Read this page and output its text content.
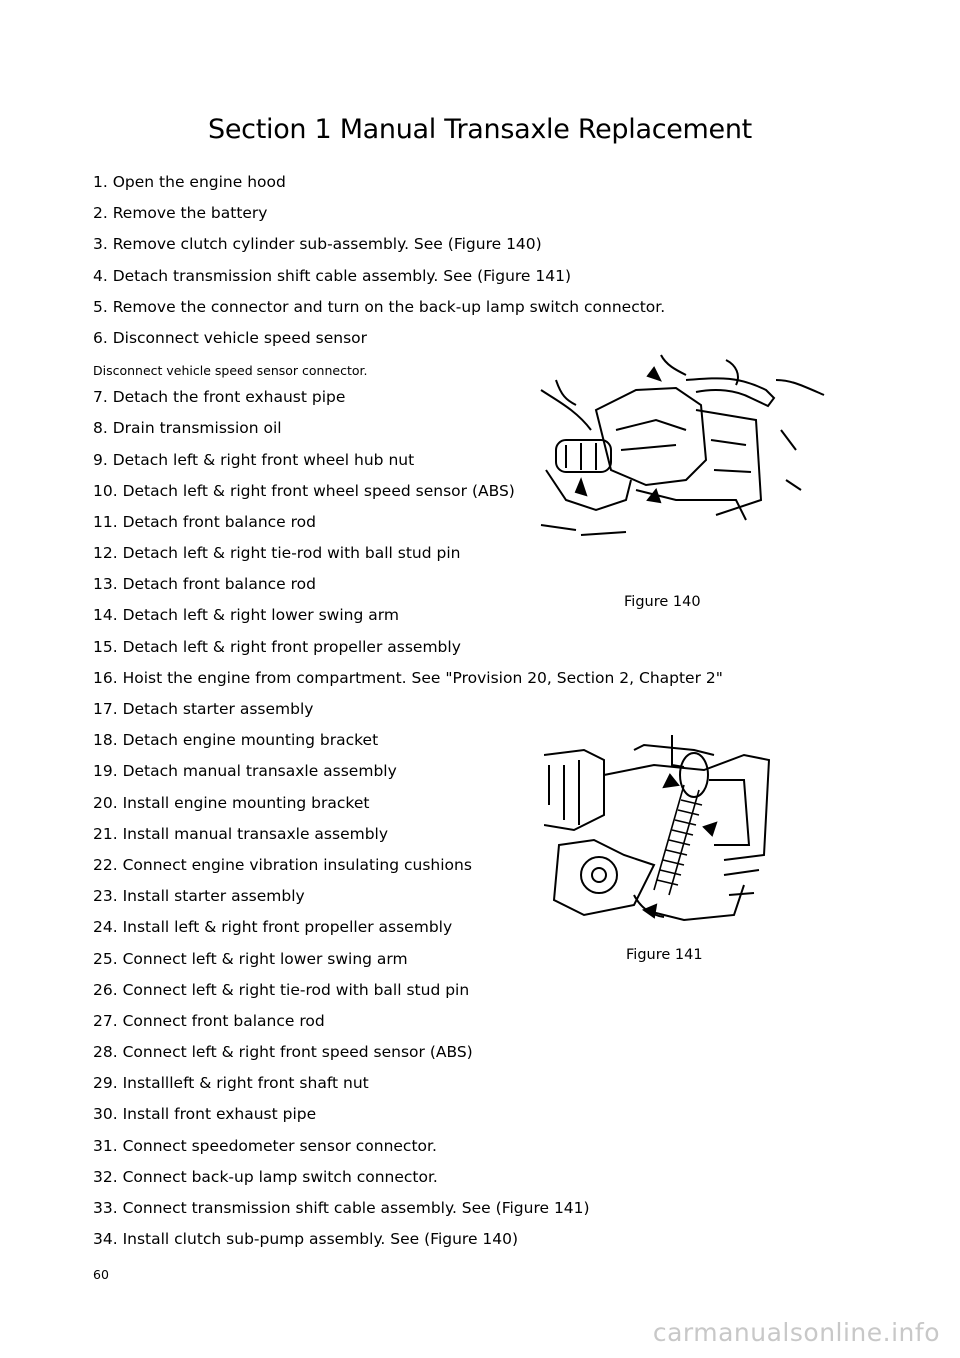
Section 1 Manual Transaxle Replacement
1. Open the engine hood
2. Remove the battery
3. Remove clutch cylinder sub-assembly. See (Figure 140)
4. Detach transmission shift cable assembly. See (Figure 141)
5. Remove the connector and turn on the back-up lamp switch connector.
6. Disconnect vehicle speed sensor
Disconnect vehicle speed sensor connector.
7. Detach the front exhaust pipe
8. Drain transmission oil
9. Detach left & right front wheel hub nut
10. Detach left & right front wheel speed sensor (ABS)
11. Detach front balance rod
12. Detach left & right tie-rod with ball stud pin
13. Detach front balance rod
14. Detach left & right lower swing arm
15. Detach left & right front propeller assembly
16. Hoist the engine from compartment. See "Provision 20, Section 2, Chapter 2"
17. Detach starter assembly
18. Detach engine mounting bracket
19. Detach manual transaxle assembly
20. Install engine mounting bracket
21. Install manual transaxle assembly
22. Connect engine vibration insulating cushions
23. Install starter assembly
24. Install left & right front propeller assembly
25. Connect left & right lower swing arm
26. Connect left & right tie-rod with ball stud pin
27. Connect front balance rod
28. Connect left & right front speed sensor (ABS)
29. Installleft & right front shaft nut
30. Install front exhaust pipe
31. Connect speedometer sensor connector.
32. Connect back-up lamp switch connector.
33. Connect transmission shift cable assembly. See (Figure 141)
34. Install clutch sub-pump assembly. See (Figure 140)
Figure 140
Figure 141
60
carmanualsonline.info
